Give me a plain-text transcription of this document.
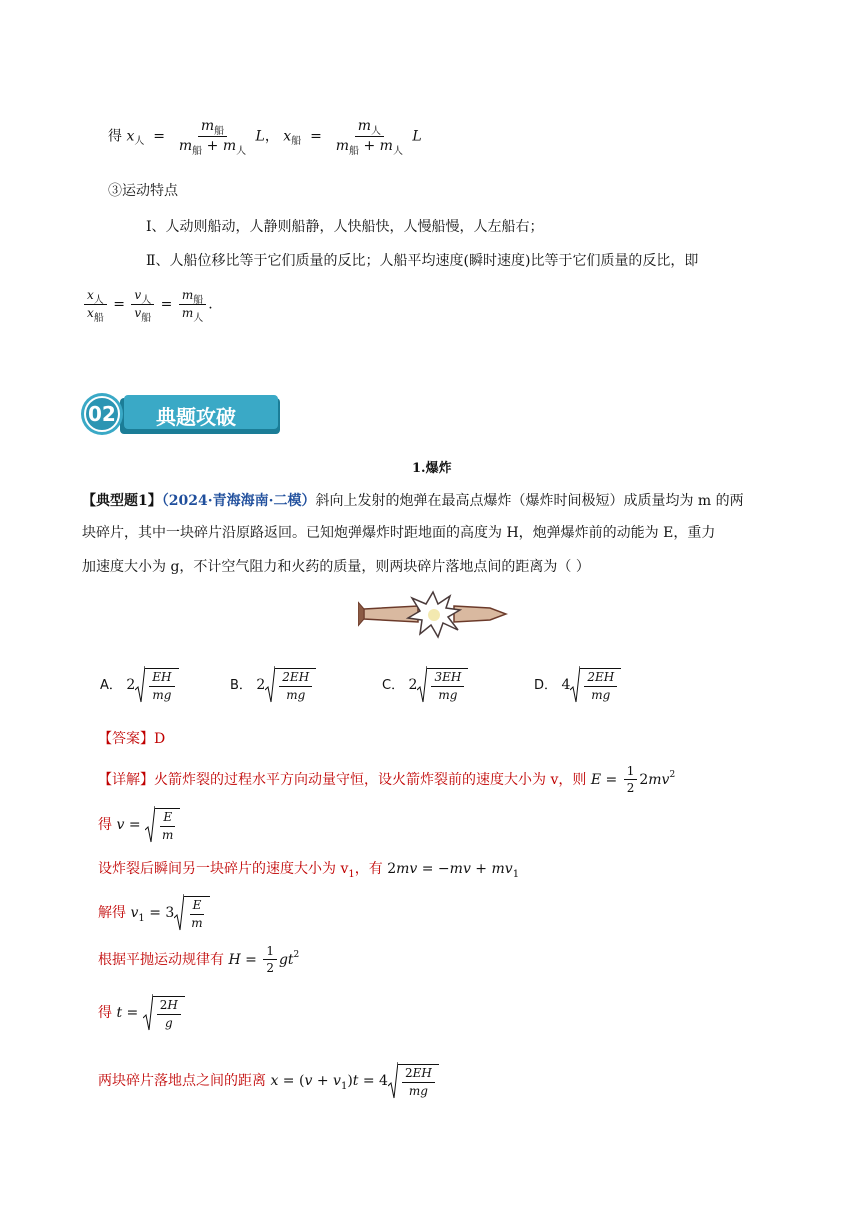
得 $x_人 = \frac{m_船}{m_船 + m_人}$ L， $x_船 = \frac{m_人}{m_船 + m_人}$ L
③运动特点
Ⅰ、人动则船动，人静则船静，人快船快，人慢船慢，人左船右；
Ⅱ、人船位移比等于它们质量的反比；人船平均速度(瞬时速度)比等于它们质量的反比，即
$\frac{x_人}{x_船} = \frac{v_人}{v_船} = \frac{m_船}{m_人}$ .
02 典题攻破
1.爆炸
【典型题1】（2024·青海海南·二模）斜向上发射的炮弹在最高点爆炸（爆炸时间极短）成质量均为 m 的两
块碎片，其中一块碎片沿原路返回。已知炮弹爆炸时距地面的高度为 H，炮弹爆炸前的动能为 E，重力
加速度大小为 g，不计空气阻力和火药的质量，则两块碎片落地点间的距离为（ ）
A． $2 \frac{EH}{mg}$	B． $2 \frac{2EH}{mg}$	C． $2 \frac{3EH}{mg}$	D． $4 \frac{2EH}{mg}$
【答案】D
【详解】火箭炸裂的过程水平方向动量守恒，设火箭炸裂前的速度大小为 v，则 $E = \frac{1}{2} 2mv^2$
得 $v = \frac{E}{m}$
设炸裂后瞬间另一块碎片的速度大小为 $v_1$，有 $2mv = -mv + mv_1$
解得 $v_1 = 3 \frac{E}{m}$
根据平抛运动规律有 $H = \frac{1}{2} gt^2$
得 $t = \frac{2H}{g}$
两块碎片落地点之间的距离 $x = (v + v_1)t = 4 \frac{2EH}{mg}$
